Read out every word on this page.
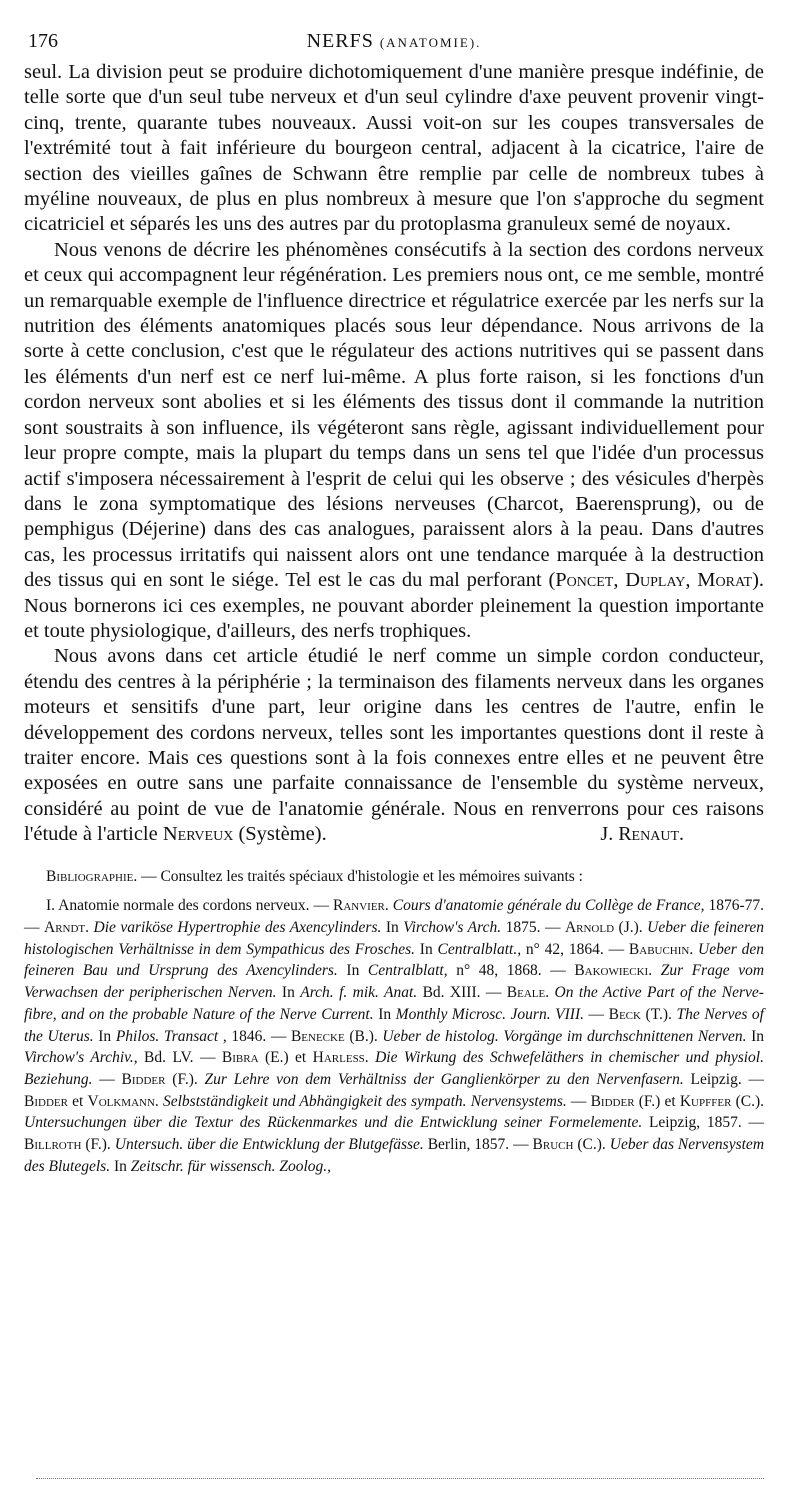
176	NERFS (ANATOMIE).

seul. La division peut se produire dichotomiquement d'une manière presque indéfinie, de telle sorte que d'un seul tube nerveux et d'un seul cylindre d'axe peuvent provenir vingt-cinq, trente, quarante tubes nouveaux. Aussi voit-on sur les coupes transversales de l'extrémité tout à fait inférieure du bourgeon central, adjacent à la cicatrice, l'aire de section des vieilles gaînes de Schwann être remplie par celle de nombreux tubes à myéline nouveaux, de plus en plus nombreux à mesure que l'on s'approche du segment cicatriciel et séparés les uns des autres par du protoplasma granuleux semé de noyaux.

Nous venons de décrire les phénomènes consécutifs à la section des cordons nerveux et ceux qui accompagnent leur régénération. Les premiers nous ont, ce me semble, montré un remarquable exemple de l'influence directrice et régulatrice exercée par les nerfs sur la nutrition des éléments anatomiques placés sous leur dépendance. Nous arrivons de la sorte à cette conclusion, c'est que le régulateur des actions nutritives qui se passent dans les éléments d'un nerf est ce nerf lui-même. A plus forte raison, si les fonctions d'un cordon nerveux sont abolies et si les éléments des tissus dont il commande la nutrition sont soustraits à son influence, ils végéteront sans règle, agissant individuellement pour leur propre compte, mais la plupart du temps dans un sens tel que l'idée d'un processus actif s'imposera nécessairement à l'esprit de celui qui les observe ; des vésicules d'herpès dans le zona symptomatique des lésions nerveuses (Charcot, Baerensprung), ou de pemphigus (Déjerine) dans des cas analogues, paraissent alors à la peau. Dans d'autres cas, les processus irritatifs qui naissent alors ont une tendance marquée à la destruction des tissus qui en sont le siége. Tel est le cas du mal perforant (Poncet, Duplay, Morat). Nous bornerons ici ces exemples, ne pouvant aborder pleinement la question importante et toute physiologique, d'ailleurs, des nerfs trophiques.

Nous avons dans cet article étudié le nerf comme un simple cordon conducteur, étendu des centres à la périphérie ; la terminaison des filaments nerveux dans les organes moteurs et sensitifs d'une part, leur origine dans les centres de l'autre, enfin le développement des cordons nerveux, telles sont les importantes questions dont il reste à traiter encore. Mais ces questions sont à la fois connexes entre elles et ne peuvent être exposées en outre sans une parfaite connaissance de l'ensemble du système nerveux, considéré au point de vue de l'anatomie générale. Nous en renverrons pour ces raisons l'étude à l'article Nerveux (Système).	J. Renaut.

Bibliographie. — Consultez les traités spéciaux d'histologie et les mémoires suivants :

I. Anatomie normale des cordons nerveux. — Ranvier. Cours d'anatomie générale du Collège de France, 1876-77. — Arndt. Die variköse Hypertrophie des Axencylinders. In Virchow's Arch. 1875. — Arnold (J.). Ueber die feineren histologischen Verhältnisse in dem Sympathicus des Frosches. In Centralblatt., n° 42, 1864. — Babuchin. Ueber den feineren Bau und Ursprung des Axencylinders. In Centralblatt, n° 48, 1868. — Bakowiecki. Zur Frage vom Verwachsen der peripherischen Nerven. In Arch. f. mik. Anat. Bd. XIII. — Beale. On the Active Part of the Nerve-fibre, and on the probable Nature of the Nerve Current. In Monthly Microsc. Journ. VIII. — Beck (T.). The Nerves of the Uterus. In Philos. Transact , 1846. — Benecke (B.). Ueber de histolog. Vorgänge im durchschnittenen Nerven. In Virchow's Archiv., Bd. LV. — Bibra (E.) et Harless. Die Wirkung des Schwefeläthers in chemischer und physiol. Beziehung. — Bidder (F.). Zur Lehre von dem Verhältniss der Ganglienkörper zu den Nervenfasern. Leipzig. — Bidder et Volkmann. Selbstständigkeit und Abhängigkeit des sympath. Nervensystems. — Bidder (F.) et Kupffer (C.). Untersuchungen über die Textur des Rückenmarkes und die Entwicklung seiner Formelemente. Leipzig, 1857. — Billroth (F.). Untersuch. über die Entwicklung der Blutgefässe. Berlin, 1857. — Bruch (C.). Ueber das Nervensystem des Blutegels. In Zeitschr. für wissensch. Zoolog.,
